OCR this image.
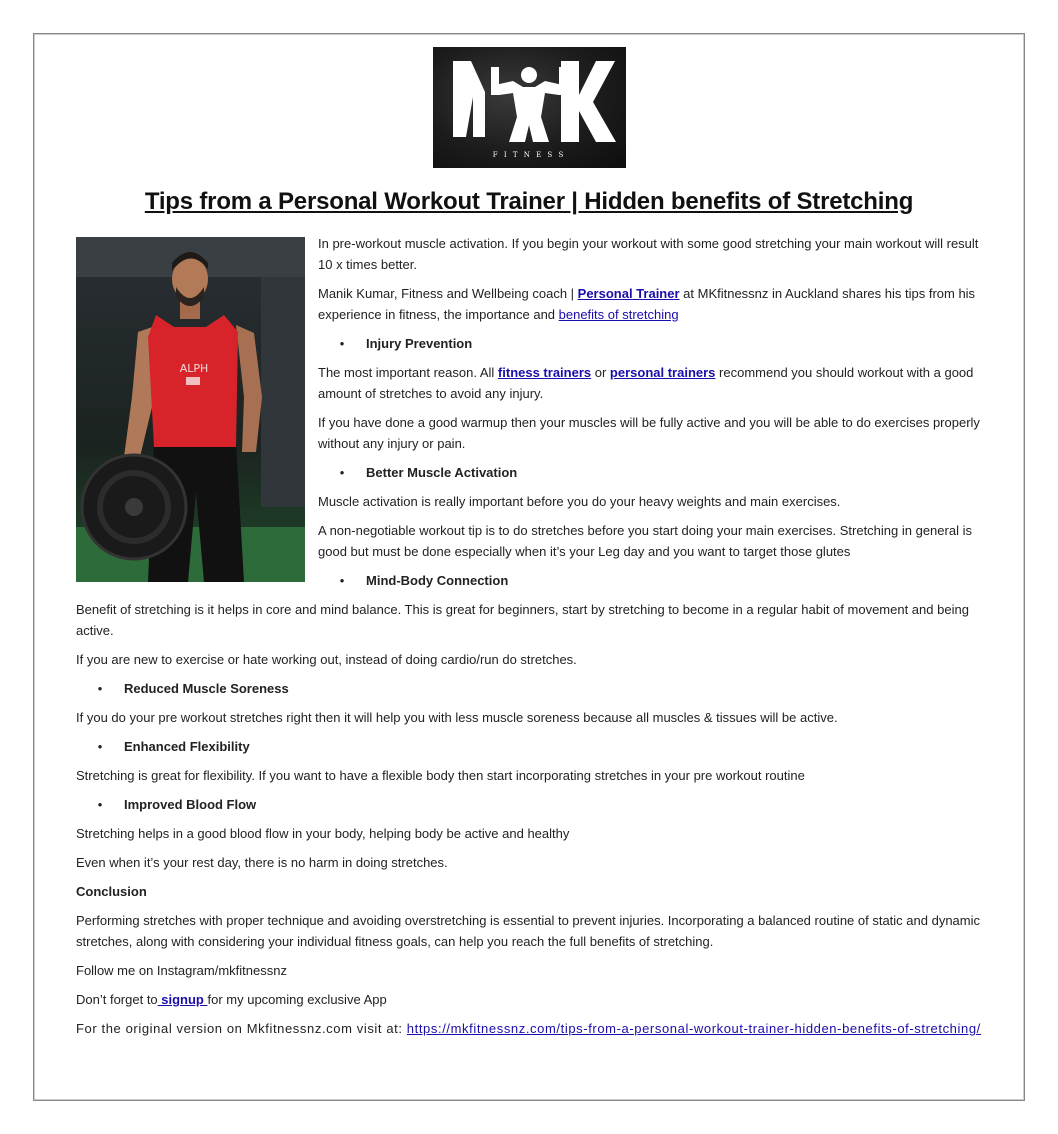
F I T N E S S
Tips from a Personal Workout Trainer | Hidden benefits of Stretching
ALPH

In pre-workout muscle activation. If you begin your workout with some good stretching your main workout will result 10 x times better.

Manik Kumar, Fitness and Wellbeing coach | Personal Trainer at MKfitnessnz in Auckland shares his tips from his experience in fitness, the importance and benefits of stretching

•	Injury Prevention

The most important reason. All fitness trainers or personal trainers recommend you should workout with a good amount of stretches to avoid any injury.

If you have done a good warmup then your muscles will be fully active and you will be able to do exercises properly without any injury or pain.

•	Better Muscle Activation

Muscle activation is really important before you do your heavy weights and main exercises.

A non-negotiable workout tip is to do stretches before you start doing your main exercises. Stretching in general is good but must be done especially when it’s your Leg day and you want to target those glutes

•	Mind-Body Connection

Benefit of stretching is it helps in core and mind balance. This is great for beginners, start by stretching to become in a regular habit of movement and being active.

If you are new to exercise or hate working out, instead of doing cardio/run do stretches.

•	Reduced Muscle Soreness

If you do your pre workout stretches right then it will help you with less muscle soreness because all muscles & tissues will be active.

•	Enhanced Flexibility

Stretching is great for flexibility. If you want to have a flexible body then start incorporating stretches in your pre workout routine

•	Improved Blood Flow

Stretching helps in a good blood flow in your body, helping body be active and healthy

Even when it’s your rest day, there is no harm in doing stretches.

Conclusion

Performing stretches with proper technique and avoiding overstretching is essential to prevent injuries. Incorporating a balanced routine of static and dynamic stretches, along with considering your individual fitness goals, can help you reach the full benefits of stretching.

Follow me on Instagram/mkfitnessnz

Don’t forget to signup for my upcoming exclusive App

For the original version on Mkfitnessnz.com visit at: https://mkfitnessnz.com/tips-from-a-personal-workout-trainer-hidden-benefits-of-stretching/
